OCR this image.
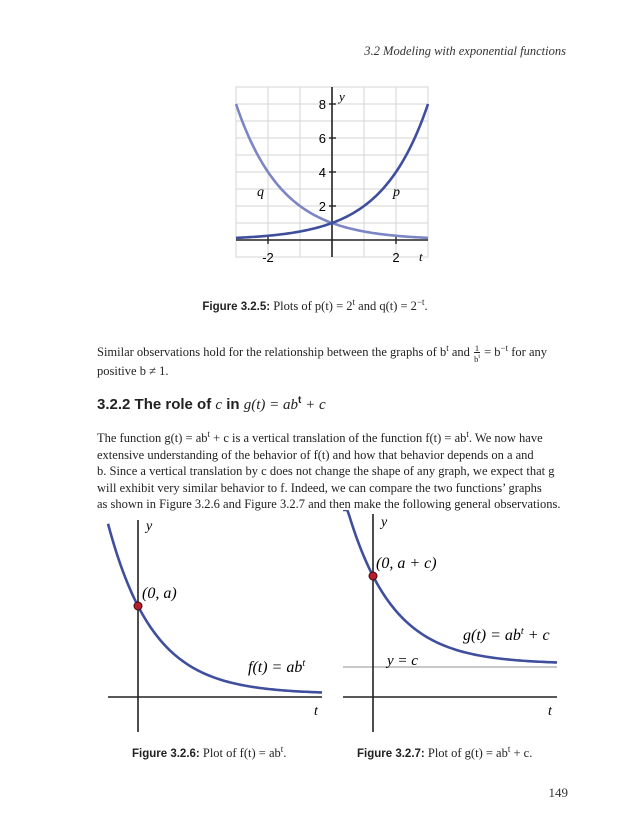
3.2 Modeling with exponential functions
2
4
6
8
-2	2
y
t
p
q
Figure 3.2.5: Plots of $p(t) = 2^t$ and $q(t) = 2^{-t}$.
Similar observations hold for the relationship between the graphs of $b^t$ and $\frac{1}{b^t} = b^{-t}$ for any
positive b ≠ 1.
3.2.2 The role of c in $g(t) = ab^t + c$
The function $g(t) = ab^t + c$ is a vertical translation of the function $f(t) = ab^t$. We now have
extensive understanding of the behavior of f(t) and how that behavior depends on a and
b. Since a vertical translation by c does not change the shape of any graph, we expect that g
will exhibit very similar behavior to f. Indeed, we can compare the two functions’ graphs
as shown in Figure 3.2.6 and Figure 3.2.7 and then make the following general observations.
y
t
(0, a)
$f(t) = ab^t$
y
t
(0, a + c)
$g(t) = ab^t + c$
y = c
Figure 3.2.6: Plot of $f(t) = ab^t$.	Figure 3.2.7: Plot of $g(t) = ab^t + c$.
149
